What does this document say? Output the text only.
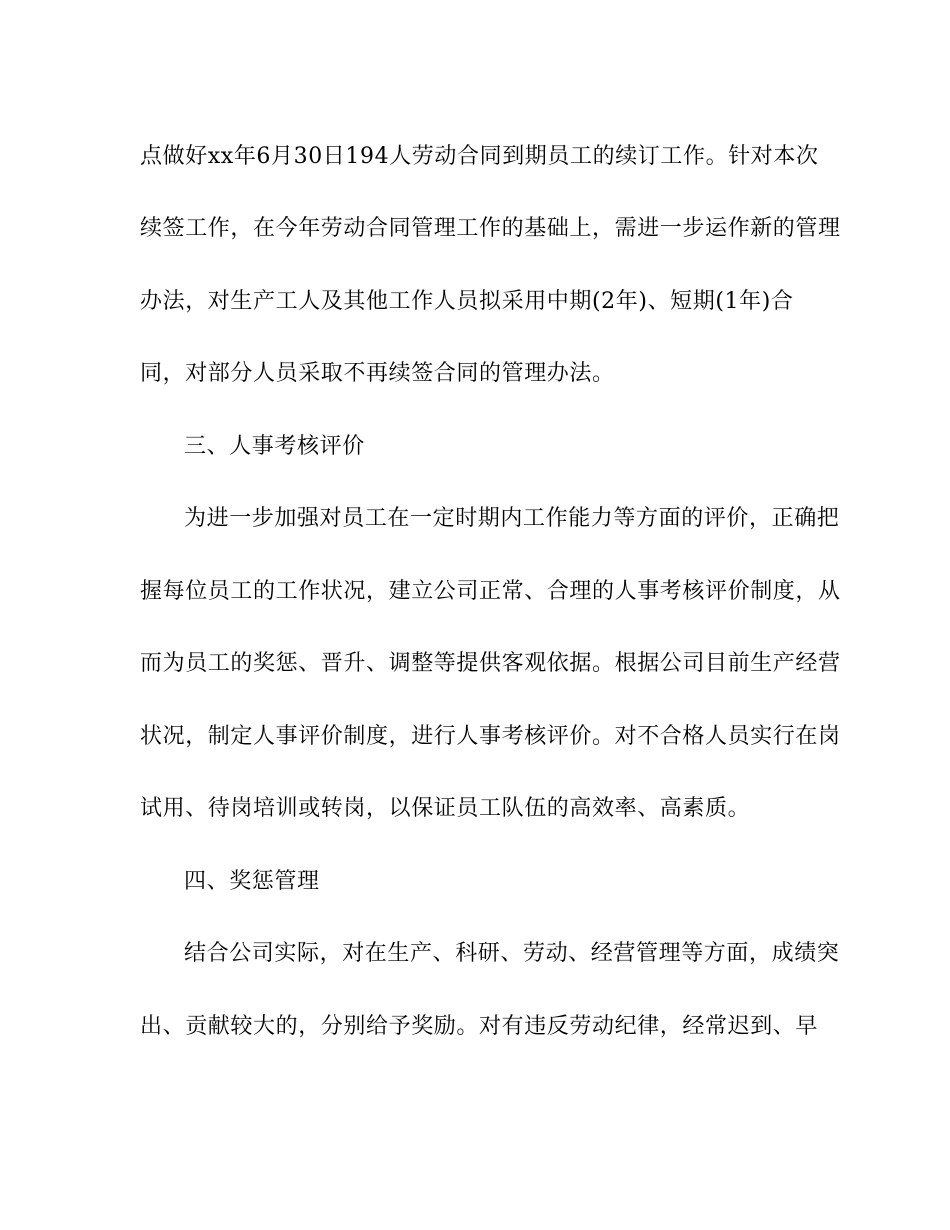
点做好xx年6月30日194人劳动合同到期员工的续订工作。针对本次
续签工作，在今年劳动合同管理工作的基础上，需进一步运作新的管理
办法，对生产工人及其他工作人员拟采用中期(2年)、短期(1年)合
同，对部分人员采取不再续签合同的管理办法。
三、人事考核评价
为进一步加强对员工在一定时期内工作能力等方面的评价，正确把
握每位员工的工作状况，建立公司正常、合理的人事考核评价制度，从
而为员工的奖惩、晋升、调整等提供客观依据。根据公司目前生产经营
状况，制定人事评价制度，进行人事考核评价。对不合格人员实行在岗
试用、待岗培训或转岗，以保证员工队伍的高效率、高素质。
四、奖惩管理
结合公司实际，对在生产、科研、劳动、经营管理等方面，成绩突
出、贡献较大的，分别给予奖励。对有违反劳动纪律，经常迟到、早
